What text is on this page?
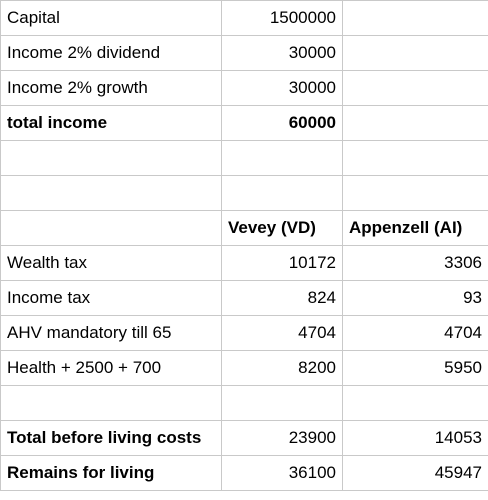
Capital	1500000	
Income 2% dividend	30000	
Income 2% growth	30000	
total income	60000	

	Vevey (VD)	Appenzell (AI)
Wealth tax	10172	3306
Income tax	824	93
AHV mandatory till 65	4704	4704
Health + 2500 + 700	8200	5950

Total before living costs	23900	14053
Remains for living	36100	45947
